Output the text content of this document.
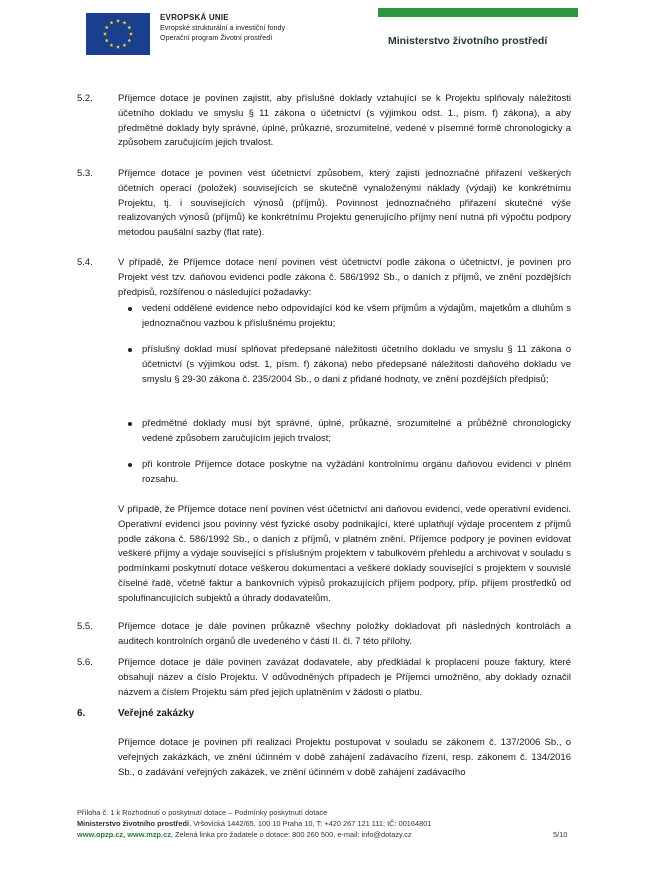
EVROPSKÁ UNIE
Evropské strukturální a investiční fondy
Operační program Životní prostředí	Ministerstvo životního prostředí
5.2.	Příjemce dotace je povinen zajistit, aby příslušné doklady vztahující se k Projektu splňovaly náležitosti účetního dokladu ve smyslu § 11 zákona o účetnictví (s výjimkou odst. 1., písm. f) zákona), a aby předmětné doklady byly správné, úplné, průkazné, srozumitelné, vedené v písemné formě chronologicky a způsobem zaručujícím jejich trvalost.

5.3.	Příjemce dotace je povinen vést účetnictví způsobem, který zajistí jednoznačné přiřazení veškerých účetních operací (položek) souvisejících se skutečně vynaloženými náklady (výdaji) ke konkrétnímu Projektu, tj. i souvisejících výnosů (příjmů). Povinnost jednoznačného přiřazení skutečné výše realizovaných výnosů (příjmů) ke konkrétnímu Projektu generujícího příjmy není nutná při výpočtu podpory metodou paušální sazby (flat rate).

5.4.	V případě, že Příjemce dotace není povinen vést účetnictví podle zákona o účetnictví, je povinen pro Projekt vést tzv. daňovou evidenci podle zákona č. 586/1992 Sb., o daních z příjmů, ve znění pozdějších předpisů, rozšířenou o následující požadavky:

vedení oddělené evidence nebo odpovídající kód ke všem příjmům a výdajům, majetkům a dluhům s jednoznačnou vazbou k příslušnému projektu;

příslušný doklad musí splňovat předepsané náležitosti účetního dokladu ve smyslu § 11 zákona o účetnictví (s výjimkou odst. 1, písm. f) zákona) nebo předepsané náležitosti daňového dokladu ve smyslu § 29-30 zákona č. 235/2004 Sb., o dani z přidané hodnoty, ve znění pozdějších předpisů;

předmětné doklady musí být správné, úplné, průkazné, srozumitelné a průběžně chronologicky vedené způsobem zaručujícím jejich trvalost;

při kontrole Příjemce dotace poskytne na vyžádání kontrolnímu orgánu daňovou evidenci v plném rozsahu.

V případě, že Příjemce dotace není povinen vést účetnictví ani daňovou evidenci, vede operativní evidenci. Operativní evidenci jsou povinny vést fyzické osoby podnikající, které uplatňují výdaje procentem z příjmů podle zákona č. 586/1992 Sb., o daních z příjmů, v platném znění. Příjemce podpory je povinen evidovat veškeré příjmy a výdaje související s příslušným projektem v tabulkovém přehledu a archivovat v souladu s podmínkami poskytnutí dotace veškerou dokumentaci a veškeré doklady související s projektem v souvislé číselné řadě, včetně faktur a bankovních výpisů prokazujících příjem podpory, příp. příjem prostředků od spolufinancujících subjektů a úhrady dodavatelům.

5.5.	Příjemce dotace je dále povinen průkazně všechny položky dokladovat při následných kontrolách a auditech kontrolních orgánů dle uvedeného v části II. čl. 7 této přílohy.

5.6.	Příjemce dotace je dále povinen zavázat dodavatele, aby předkládal k proplacení pouze faktury, které obsahují název a číslo Projektu. V odůvodněných případech je Příjemci umožněno, aby doklady označil názvem a číslem Projektu sám před jejich uplatněním v žádosti o platbu.

6.	Veřejné zakázky

Příjemce dotace je povinen při realizaci Projektu postupovat v souladu se zákonem č. 137/2006 Sb., o veřejných zakázkách, ve znění účinném v době zahájení zadávacího řízení, resp. zákonem č. 134/2016 Sb., o zadávání veřejných zakázek, ve znění účinném v době zahájení zadávacího

Příloha č. 1 k Rozhodnutí o poskytnutí dotace – Podmínky poskytnutí dotace
Ministerstvo životního prostředí, Vršovická 1442/65, 100 10 Praha 10, T: +420 267 121 111; IČ: 00164801
www.opzp.cz, www.mzp.cz, Zelená linka pro žadatele o dotace: 800 260 500, e-mail: info@dotazy.cz	5/10
